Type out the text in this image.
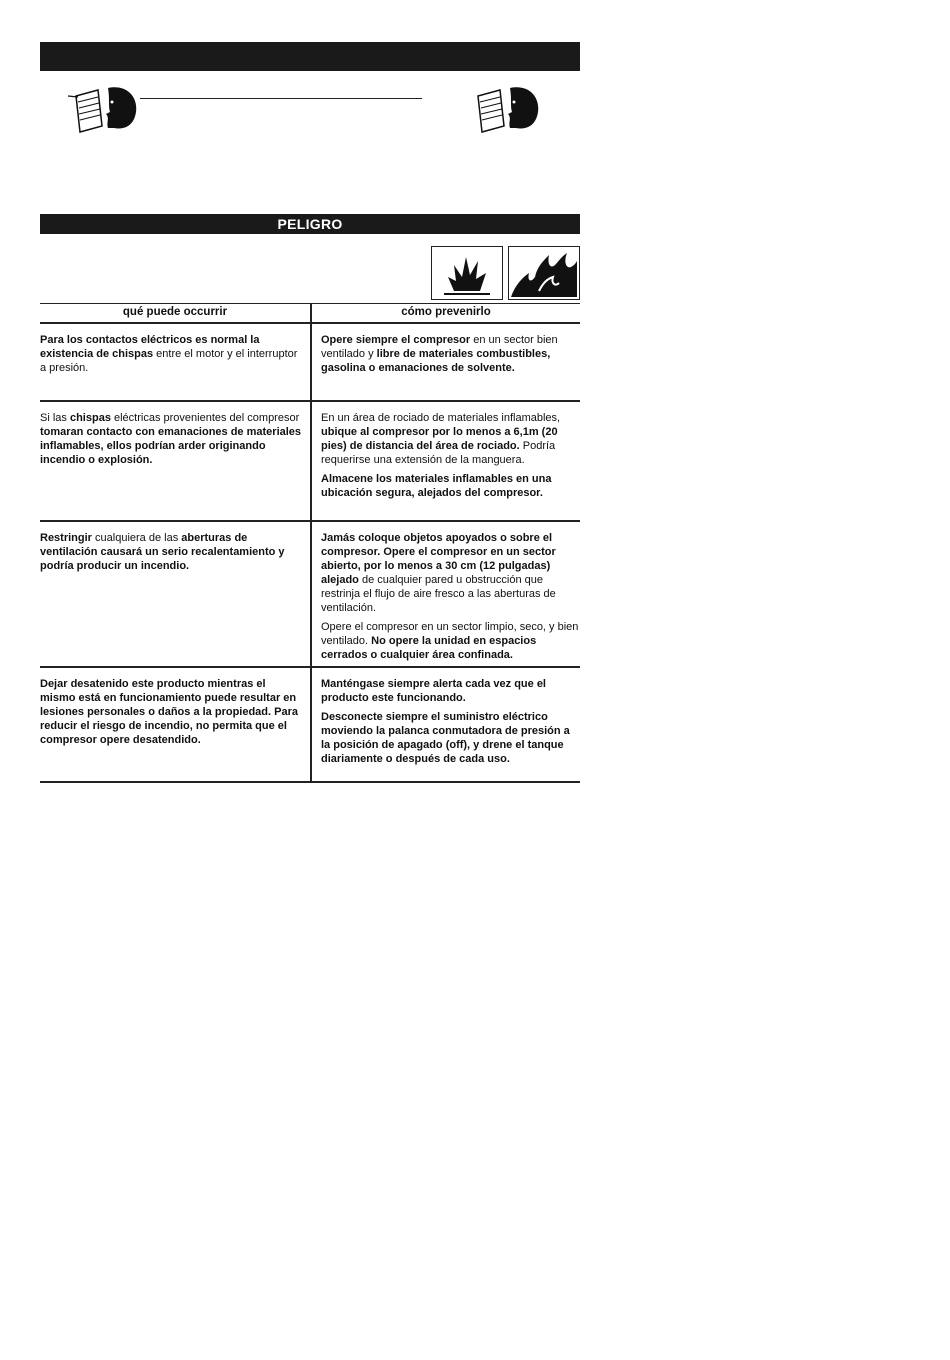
PELIGRO
qué puede occurrir	cómo prevenirlo

Para los contactos eléctricos es normal la existencia de chispas entre el motor y el interruptor a presión.

Opere siempre el compresor en un sector bien ventilado y libre de materiales combustibles, gasolina o emanaciones de solvente.

Si las chispas eléctricas provenientes del compresor tomaran contacto con emanaciones de materiales inflamables, ellos podrían arder originando incendio o explosión.

En un área de rociado de materiales inflamables, ubique al compresor por lo menos a 6,1m (20 pies) de distancia del área de rociado. Podría requerirse una extensión de la manguera.

Almacene los materiales inflamables en una ubicación segura, alejados del compresor.

Restringir cualquiera de las aberturas de ventilación causará un serio recalentamiento y podría producir un incendio.

Jamás coloque objetos apoyados o sobre el compresor. Opere el compresor en un sector abierto, por lo menos a 30 cm (12 pulgadas) alejado de cualquier pared u obstrucción que restrinja el flujo de aire fresco a las aberturas de ventilación.

Opere el compresor en un sector limpio, seco, y bien ventilado. No opere la unidad en espacios cerrados o cualquier área confinada.

Dejar desatenido este producto mientras el mismo está en funcionamiento puede resultar en lesiones personales o daños a la propiedad. Para reducir el riesgo de incendio, no permita que el compresor opere desatendido.

Manténgase siempre alerta cada vez que el producto este funcionando.

Desconecte siempre el suministro eléctrico moviendo la palanca conmutadora de presión a la posición de apagado (off), y drene el tanque diariamente o después de cada uso.
